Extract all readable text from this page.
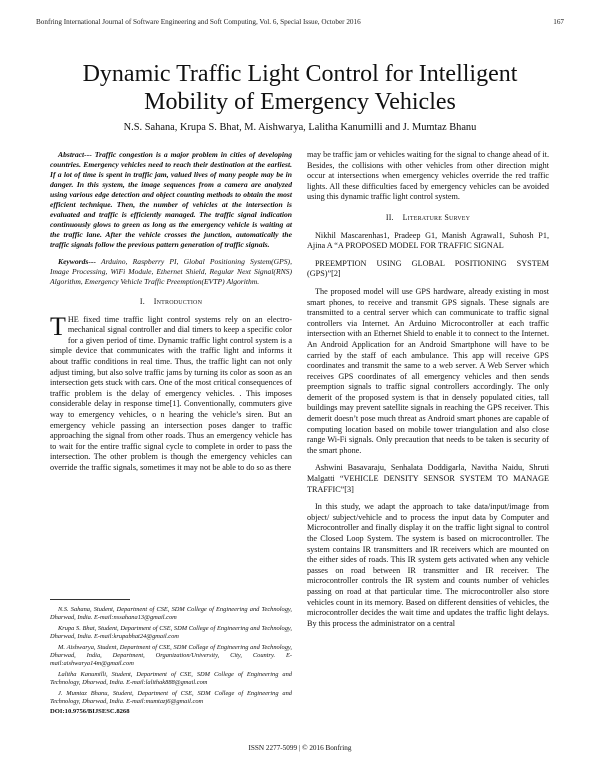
Bonfring International Journal of Software Engineering and Soft Computing, Vol. 6, Special Issue, October 2016	167
Dynamic Traffic Light Control for Intelligent Mobility of Emergency Vehicles
N.S. Sahana, Krupa S. Bhat, M. Aishwarya, Lalitha Kanumilli and J. Mumtaz Bhanu

Abstract--- Traffic congestion is a major problem in cities of developing countries. Emergency vehicles need to reach their destination at the earliest. If a lot of time is spent in traffic jam, valued lives of many people may be in danger. In this system, the image sequences from a camera are analyzed using various edge detection and object counting methods to obtain the most efficient technique. Then, the number of vehicles at the intersection is evaluated and traffic is efficiently managed. The traffic signal indication continuously glows to green as long as the emergency vehicle is waiting at the traffic lane. After the vehicle crosses the junction, automatically the traffic signals follow the previous pattern generation of traffic signals.

Keywords--- Arduino, Raspberry PI, Global Positioning System(GPS), Image Processing, WiFi Module, Ethernet Shield, Regular Next Signal(RNS) Algorithm, Emergency Vehicle Traffic Preemption(EVTP) Algorithm.

I. Introduction
THE fixed time traffic light control systems rely on an electro-mechanical signal controller and dial timers to keep a specific color for a given period of time. Dynamic traffic light control system is a simple device that communicates with the traffic light and informs it about traffic conditions in real time. Thus, the traffic light can not only adjust timing, but also solve traffic jams by turning its color as soon as an intersection gets stuck with cars. One of the most critical consequences of traffic problem is the delay of emergency vehicles. . This imposes considerable delay in response time[1]. Conventionally, commuters give way to emergency vehicles, o n hearing the vehicle’s siren. But an emergency vehicle passing an intersection poses danger to traffic approaching the signal from other roads. Thus an emergency vehicle has to wait for the entire traffic signal cycle to complete in order to pass the intersection. The other problem is though the emergency vehicles can override the traffic signals, sometimes it may not be able to do so as there

N.S. Sahana, Student, Department of CSE, SDM College of Engineering and Technology, Dharwad, India. E-mail:nssahana13@gmail.com

Krupa S. Bhat, Student, Department of CSE, SDM College of Engineering and Technology, Dharwad, India. E-mail:krupabhat24@gmail.com

M. Aishwarya, Student, Department of CSE, SDM College of Engineering and Technology, Dharwad, India, Department, Organization/University, City, Country. E-mail:aishwarya14m@gmail.com

Lalitha Kanumilli, Student, Department of CSE, SDM College of Engineering and Technology, Dharwad, India. E-mail:lalithak888@gmail.com

J. Mumtaz Bhanu, Student, Department of CSE, SDM College of Engineering and Technology, Dharwad, India. E-mail:mumtazj6@gmail.com

DOI:10.9756/BIJSESC.8268

may be traffic jam or vehicles waiting for the signal to change ahead of it. Besides, the collisions with other vehicles from other direction might occur at intersections when emergency vehicles override the red traffic lights. All these difficulties faced by emergency vehicles can be avoided using this dynamic traffic light control system.

II. Literature Survey

Nikhil Mascarenhas1, Pradeep G1, Manish Agrawal1, Suhosh P1, Ajina A “A PROPOSED MODEL FOR TRAFFIC SIGNAL

PREEMPTION USING GLOBAL POSITIONING SYSTEM (GPS)”[2]

The proposed model will use GPS hardware, already existing in most smart phones, to receive and transmit GPS signals. These signals are transmitted to a central server which can communicate to traffic signal controllers via Internet. An Arduino Microcontroller at each traffic intersection with an Ethernet Shield to enable it to connect to the Internet. An Android Application for an Android Smartphone will have to be carried by the staff of each ambulance. This app will receive GPS coordinates and transmit the same to a web server. A Web Server which receives GPS coordinates of all emergency vehicles and then sends preemption signals to traffic signal controllers accordingly. The only demerit of the proposed system is that in densely populated cities, tall buildings may prevent satellite signals in reaching the GPS receiver. This demerit doesn’t pose much threat as Android smart phones are capable of computing location based on mobile tower triangulation and also close range Wi-Fi signals. Only precaution that needs to be taken is security of the smart phone.

Ashwini Basavaraju, Senhalata Doddigarla, Navitha Naidu, Shruti Malgatti “VEHICLE DENSITY SENSOR SYSTEM TO MANAGE TRAFFIC”[3]

In this study, we adapt the approach to take data/input/image from object/ subject/vehicle and to process the input data by Computer and Microcontroller and finally display it on the traffic light signal to control the Closed Loop System. The system is based on microcontroller. The system contains IR transmitters and IR receivers which are mounted on the either sides of roads. This IR system gets activated when any vehicle passes on road between IR transmitter and IR receiver. The microcontroller controls the IR system and counts number of vehicles passing on road at that particular time. The microcontroller also store vehicles count in its memory. Based on different densities of vehicles, the microcontroller decides the wait time and updates the traffic light delays. By this process the administrator on a central

ISSN 2277-5099 | © 2016 Bonfring
